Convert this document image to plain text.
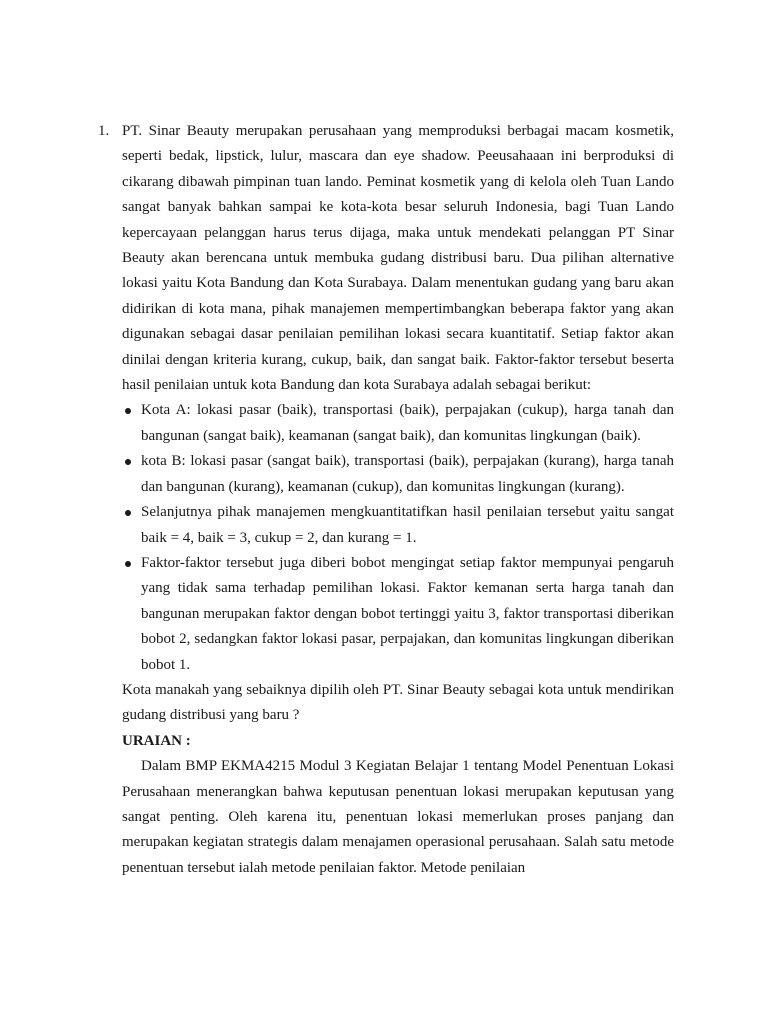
1. PT. Sinar Beauty merupakan perusahaan yang memproduksi berbagai macam kosmetik, seperti bedak, lipstick, lulur, mascara dan eye shadow. Peeusahaaan ini berproduksi di cikarang dibawah pimpinan tuan lando. Peminat kosmetik yang di kelola oleh Tuan Lando sangat banyak bahkan sampai ke kota-kota besar seluruh Indonesia, bagi Tuan Lando kepercayaan pelanggan harus terus dijaga, maka untuk mendekati pelanggan PT Sinar Beauty akan berencana untuk membuka gudang distribusi baru. Dua pilihan alternative lokasi yaitu Kota Bandung dan Kota Surabaya. Dalam menentukan gudang yang baru akan didirikan di kota mana, pihak manajemen mempertimbangkan beberapa faktor yang akan digunakan sebagai dasar penilaian pemilihan lokasi secara kuantitatif. Setiap faktor akan dinilai dengan kriteria kurang, cukup, baik, dan sangat baik. Faktor-faktor tersebut beserta hasil penilaian untuk kota Bandung dan kota Surabaya adalah sebagai berikut:

Kota A: lokasi pasar (baik), transportasi (baik), perpajakan (cukup), harga tanah dan bangunan (sangat baik), keamanan (sangat baik), dan komunitas lingkungan (baik).
kota B: lokasi pasar (sangat baik), transportasi (baik), perpajakan (kurang), harga tanah dan bangunan (kurang), keamanan (cukup), dan komunitas lingkungan (kurang).
Selanjutnya pihak manajemen mengkuantitatifkan hasil penilaian tersebut yaitu sangat baik = 4, baik = 3, cukup = 2, dan kurang = 1.
Faktor-faktor tersebut juga diberi bobot mengingat setiap faktor mempunyai pengaruh yang tidak sama terhadap pemilihan lokasi. Faktor kemanan serta harga tanah dan bangunan merupakan faktor dengan bobot tertinggi yaitu 3, faktor transportasi diberikan bobot 2, sedangkan faktor lokasi pasar, perpajakan, dan komunitas lingkungan diberikan bobot 1.

Kota manakah yang sebaiknya dipilih oleh PT. Sinar Beauty sebagai kota untuk mendirikan gudang distribusi yang baru ?

URAIAN :

Dalam BMP EKMA4215 Modul 3 Kegiatan Belajar 1 tentang Model Penentuan Lokasi Perusahaan menerangkan bahwa keputusan penentuan lokasi merupakan keputusan yang sangat penting. Oleh karena itu, penentuan lokasi memerlukan proses panjang dan merupakan kegiatan strategis dalam menajamen operasional perusahaan. Salah satu metode penentuan tersebut ialah metode penilaian faktor. Metode penilaian
